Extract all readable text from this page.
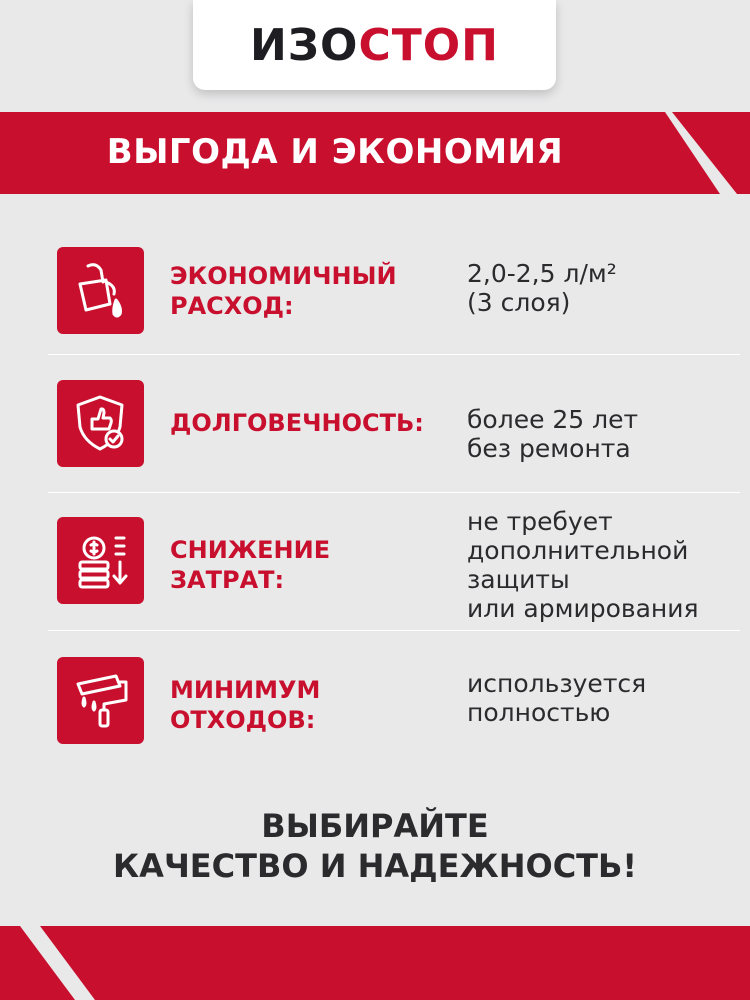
ИЗОСТОП
ВЫГОДА И ЭКОНОМИЯ
ЭКОНОМИЧНЫЙ
РАСХОД:
2,0-2,5 л/м²
(3 слоя)
ДОЛГОВЕЧНОСТЬ:	более 25 лет
без ремонта
СНИЖЕНИЕ
ЗАТРАТ:
не требует
дополнительной
защиты
или армирования
МИНИМУМ
ОТХОДОВ:
используется
полностью
ВЫБИРАЙТЕ
КАЧЕСТВО И НАДЕЖНОСТЬ!
